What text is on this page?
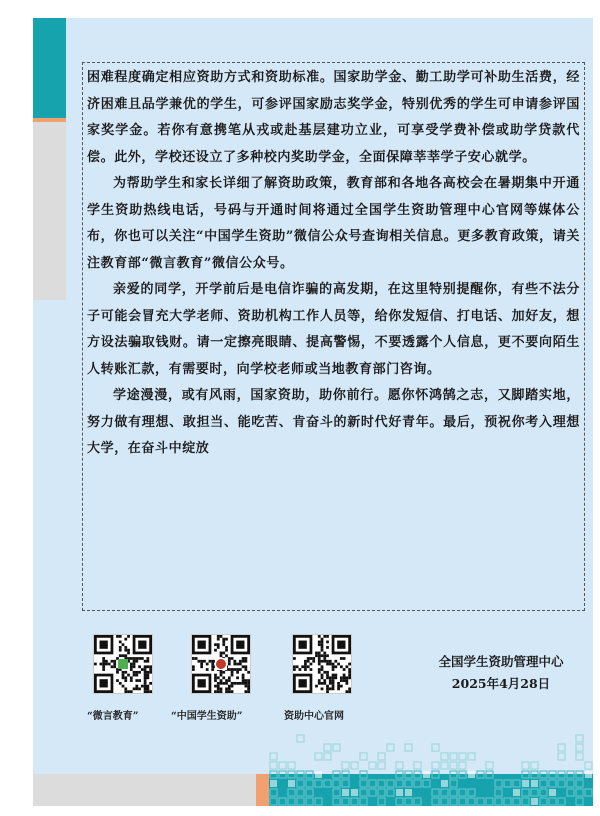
困难程度确定相应资助方式和资助标准。国家助学金、勤工助学可补助生活费，经济困难且品学兼优的学生，可参评国家励志奖学金，特别优秀的学生可申请参评国家奖学金。若你有意携笔从戎或赴基层建功立业，可享受学费补偿或助学贷款代偿。此外，学校还设立了多种校内奖助学金，全面保障莘莘学子安心就学。

为帮助学生和家长详细了解资助政策，教育部和各地各高校会在暑期集中开通学生资助热线电话，号码与开通时间将通过全国学生资助管理中心官网等媒体公布，你也可以关注“中国学生资助”微信公众号查询相关信息。更多教育政策，请关注教育部“微言教育”微信公众号。

亲爱的同学，开学前后是电信诈骗的高发期，在这里特别提醒你，有些不法分子可能会冒充大学老师、资助机构工作人员等，给你发短信、打电话、加好友，想方设法骗取钱财。请一定擦亮眼睛、提高警惕，不要透露个人信息，更不要向陌生人转账汇款，有需要时，向学校老师或当地教育部门咨询。

学途漫漫，或有风雨，国家资助，助你前行。愿你怀鸿鹄之志，又脚踏实地，努力做有理想、敢担当、能吃苦、肯奋斗的新时代好青年。最后，预祝你考入理想大学，在奋斗中绽放

“微言教育”	“中国学生资助”	资助中心官网
全国学生资助管理中心
2025年4月28日
